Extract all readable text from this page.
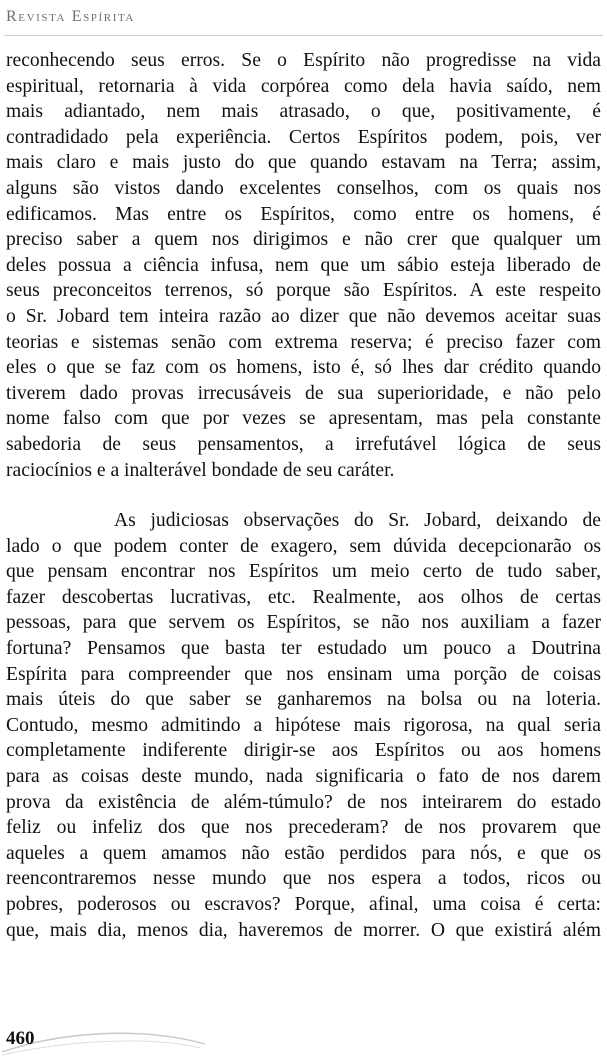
Revista Espírita
reconhecendo seus erros. Se o Espírito não progredisse na vida
espiritual, retornaria à vida corpórea como dela havia saído, nem
mais adiantado, nem mais atrasado, o que, positivamente, é
contradidado pela experiência. Certos Espíritos podem, pois, ver
mais claro e mais justo do que quando estavam na Terra; assim,
alguns são vistos dando excelentes conselhos, com os quais nos
edificamos. Mas entre os Espíritos, como entre os homens, é
preciso saber a quem nos dirigimos e não crer que qualquer um
deles possua a ciência infusa, nem que um sábio esteja liberado de
seus preconceitos terrenos, só porque são Espíritos. A este respeito
o Sr. Jobard tem inteira razão ao dizer que não devemos aceitar suas
teorias e sistemas senão com extrema reserva; é preciso fazer com
eles o que se faz com os homens, isto é, só lhes dar crédito quando
tiverem dado provas irrecusáveis de sua superioridade, e não pelo
nome falso com que por vezes se apresentam, mas pela constante
sabedoria de seus pensamentos, a irrefutável lógica de seus
raciocínios e a inalterável bondade de seu caráter.
As judiciosas observações do Sr. Jobard, deixando de
lado o que podem conter de exagero, sem dúvida decepcionarão os
que pensam encontrar nos Espíritos um meio certo de tudo saber,
fazer descobertas lucrativas, etc. Realmente, aos olhos de certas
pessoas, para que servem os Espíritos, se não nos auxiliam a fazer
fortuna? Pensamos que basta ter estudado um pouco a Doutrina
Espírita para compreender que nos ensinam uma porção de coisas
mais úteis do que saber se ganharemos na bolsa ou na loteria.
Contudo, mesmo admitindo a hipótese mais rigorosa, na qual seria
completamente indiferente dirigir-se aos Espíritos ou aos homens
para as coisas deste mundo, nada significaria o fato de nos darem
prova da existência de além-túmulo? de nos inteirarem do estado
feliz ou infeliz dos que nos precederam? de nos provarem que
aqueles a quem amamos não estão perdidos para nós, e que os
reencontraremos nesse mundo que nos espera a todos, ricos ou
pobres, poderosos ou escravos? Porque, afinal, uma coisa é certa:
que, mais dia, menos dia, haveremos de morrer. O que existirá além
460
